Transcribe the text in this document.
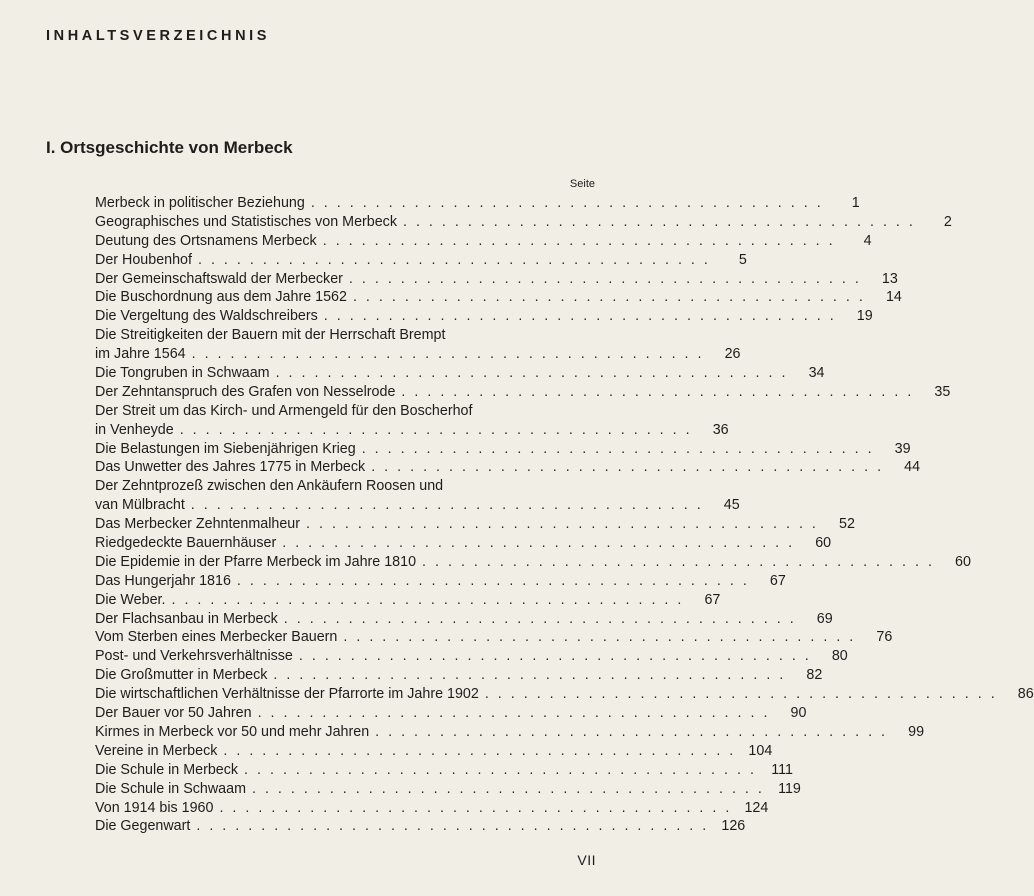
INHALTSVERZEICHNIS
I. Ortsgeschichte von Merbeck
Seite
Merbeck in politischer Beziehung ........................................	1
Geographisches und Statistisches von Merbeck ........................................	2
Deutung des Ortsnamens Merbeck ........................................	4
Der Houbenhof ........................................	5
Der Gemeinschaftswald der Merbecker ........................................ 13
Die Buschordnung aus dem Jahre 1562 ........................................ 14
Die Vergeltung des Waldschreibers ........................................ 19
Die Streitigkeiten der Bauern mit der Herrschaft Brempt
im Jahre 1564 ........................................ 26
Die Tongruben in Schwaam ........................................ 34
Der Zehntanspruch des Grafen von Nesselrode ........................................ 35
Der Streit um das Kirch- und Armengeld für den Boscherhof
in Venheyde ........................................ 36
Die Belastungen im Siebenjährigen Krieg ........................................ 39
Das Unwetter des Jahres 1775 in Merbeck ........................................ 44
Der Zehntprozeß zwischen den Ankäufern Roosen und
van Mülbracht ........................................ 45
Das Merbecker Zehntenmalheur ........................................ 52
Riedgedeckte Bauernhäuser ........................................ 60
Die Epidemie in der Pfarre Merbeck im Jahre 1810 ........................................ 60
Das Hungerjahr 1816 ........................................ 67
Die Weber. ........................................ 67
Der Flachsanbau in Merbeck ........................................ 69
Vom Sterben eines Merbecker Bauern ........................................ 76
Post- und Verkehrsverhältnisse ........................................ 80
Die Großmutter in Merbeck ........................................ 82
Die wirtschaftlichen Verhältnisse der Pfarrorte im Jahre 1902 ........................................ 86
Der Bauer vor 50 Jahren ........................................ 90
Kirmes in Merbeck vor 50 und mehr Jahren ........................................ 99
Vereine in Merbeck ........................................ 104
Die Schule in Merbeck ........................................ 111
Die Schule in Schwaam ........................................ 119
Von 1914 bis 1960 ........................................ 124
Die Gegenwart ........................................ 126
VII
